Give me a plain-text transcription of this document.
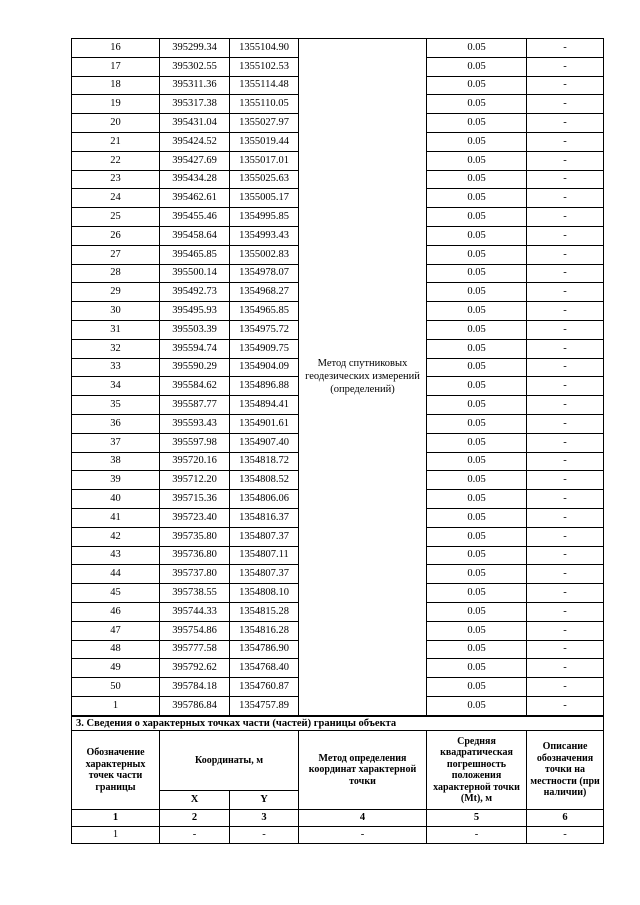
16	395299.34	1355104.90	Метод спутниковых геодезических измерений (определений)	0.05	-
17	395302.55	1355102.53		0.05	-
18	395311.36	1355114.48		0.05	-
19	395317.38	1355110.05		0.05	-
20	395431.04	1355027.97		0.05	-
21	395424.52	1355019.44		0.05	-
22	395427.69	1355017.01		0.05	-
23	395434.28	1355025.63		0.05	-
24	395462.61	1355005.17		0.05	-
25	395455.46	1354995.85		0.05	-
26	395458.64	1354993.43		0.05	-
27	395465.85	1355002.83		0.05	-
28	395500.14	1354978.07		0.05	-
29	395492.73	1354968.27		0.05	-
30	395495.93	1354965.85		0.05	-
31	395503.39	1354975.72		0.05	-
32	395594.74	1354909.75		0.05	-
33	395590.29	1354904.09		0.05	-
34	395584.62	1354896.88		0.05	-
35	395587.77	1354894.41		0.05	-
36	395593.43	1354901.61		0.05	-
37	395597.98	1354907.40		0.05	-
38	395720.16	1354818.72		0.05	-
39	395712.20	1354808.52		0.05	-
40	395715.36	1354806.06		0.05	-
41	395723.40	1354816.37		0.05	-
42	395735.80	1354807.37		0.05	-
43	395736.80	1354807.11		0.05	-
44	395737.80	1354807.37		0.05	-
45	395738.55	1354808.10		0.05	-
46	395744.33	1354815.28		0.05	-
47	395754.86	1354816.28		0.05	-
48	395777.58	1354786.90		0.05	-
49	395792.62	1354768.40		0.05	-
50	395784.18	1354760.87		0.05	-
1	395786.84	1354757.89		0.05	-
3. Сведения о характерных точках части (частей) границы объекта					
Обозначение характерных точек части границы	Координаты, м		Метод определения координат характерной точки	Средняя квадратическая погрешность положения характерной точки (Mt), м	Описание обозначения точки на местности (при наличии)
	X	Y			
1	2	3	4	5	6
1	-	-	-	-	-
